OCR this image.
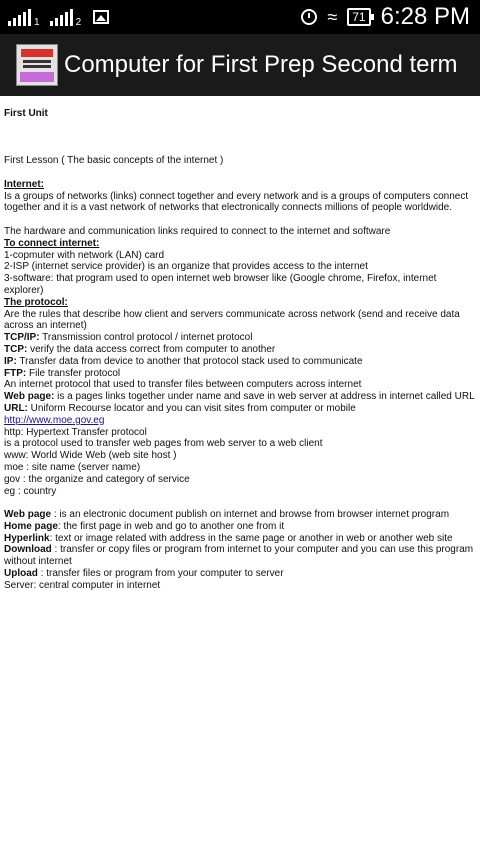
1	2	≈	71 6:28 PM
Computer for First Prep Second term

First Unit

First Lesson ( The basic concepts of the internet )

Internet:

Is a groups of networks (links) connect together and every network and is a groups of computers connect together and it is a vast network of networks that electronically connects millions of people worldwide.

The hardware and communication links required to connect to the internet and software

To connect internet:

1-copmuter with network (LAN) card

2-ISP (internet service provider) is an organize that provides access to the internet

3-software: that program used to open internet web browser like (Google chrome, Firefox, internet explorer)

The protocol:

Are the rules that describe how client and servers communicate across network (send and receive data across an internet)

TCP/IP: Transmission control protocol / internet protocol

TCP: verify the data access correct from computer to another

IP: Transfer data from device to another that protocol stack used to communicate

FTP: File transfer protocol

An internet protocol that used to transfer files between computers across internet

Web page: is a pages links together under name and save in web server at address in internet called URL

URL: Uniform Recourse locator and you can visit sites from computer or mobile

http://www.moe.gov.eg

http: Hypertext Transfer protocol

is a protocol used to transfer web pages from web server to a web client

www: World Wide Web (web site host )

moe : site name (server name)

gov : the organize and category of service

eg : country

Web page : is an electronic document publish on internet and browse from browser internet program

Home page: the first page in web and go to another one from it

Hyperlink: text or image related with address in the same page or another in web or another web site

Download : transfer or copy files or program from internet to your computer and you can use this program without internet

Upload : transfer files or program from your computer to server

Server: central computer in internet
